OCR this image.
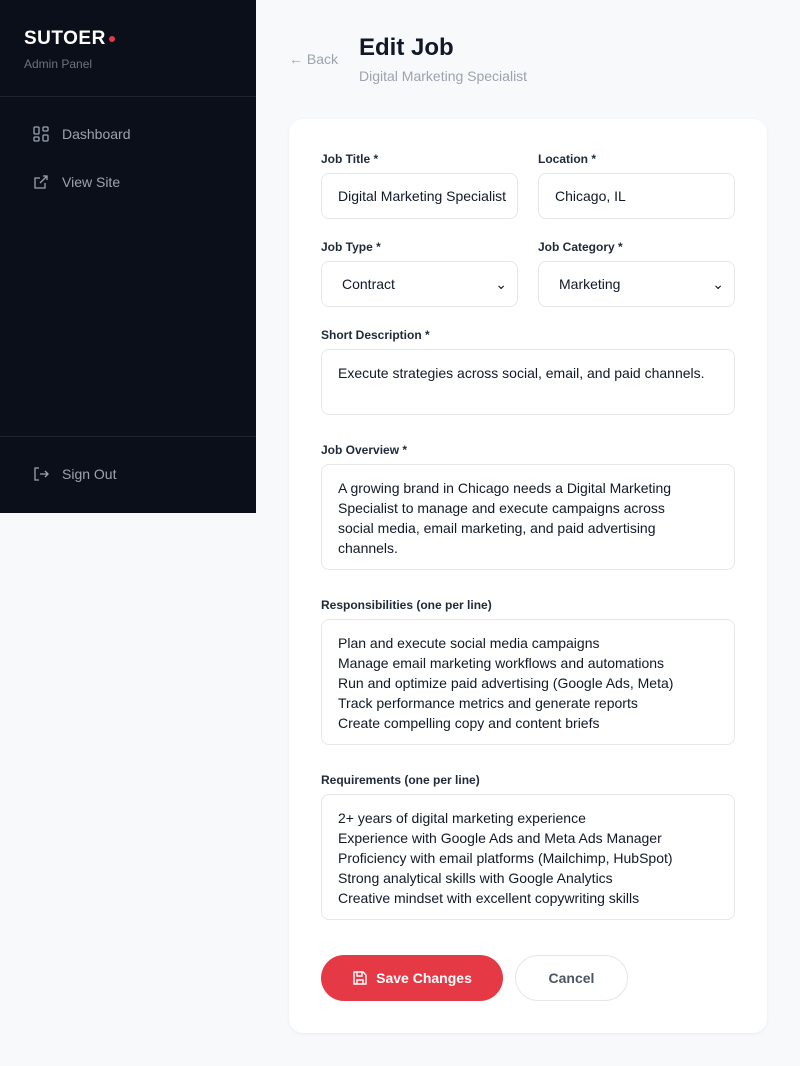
SUTOER
Admin Panel
Dashboard
View Site
Sign Out
← Back Edit Job
Digital Marketing Specialist
Job Title *
Digital Marketing Specialist
Location *
Chicago, IL
Job Type *
Contract	⌄
Job Category *
Marketing	⌄
Short Description *
Execute strategies across social, email, and paid channels.
Job Overview *
A growing brand in Chicago needs a Digital Marketing
Specialist to manage and execute campaigns across
social media, email marketing, and paid advertising
channels.
Responsibilities (one per line)
Plan and execute social media campaigns
Manage email marketing workflows and automations
Run and optimize paid advertising (Google Ads, Meta)
Track performance metrics and generate reports
Create compelling copy and content briefs
Requirements (one per line)
2+ years of digital marketing experience
Experience with Google Ads and Meta Ads Manager
Proficiency with email platforms (Mailchimp, HubSpot)
Strong analytical skills with Google Analytics
Creative mindset with excellent copywriting skills
Save Changes	Cancel
